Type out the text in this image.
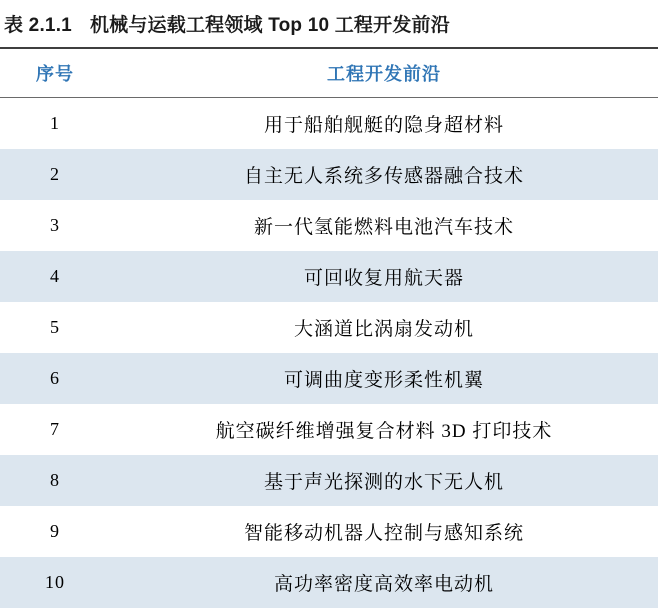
表 2.1.1 机械与运载工程领域 Top 10 工程开发前沿
序号	工程开发前沿
1	用于船舶舰艇的隐身超材料
2	自主无人系统多传感器融合技术
3	新一代氢能燃料电池汽车技术
4	可回收复用航天器
5	大涵道比涡扇发动机
6	可调曲度变形柔性机翼
7	航空碳纤维增强复合材料 3D 打印技术
8	基于声光探测的水下无人机
9	智能移动机器人控制与感知系统
10	高功率密度高效率电动机
